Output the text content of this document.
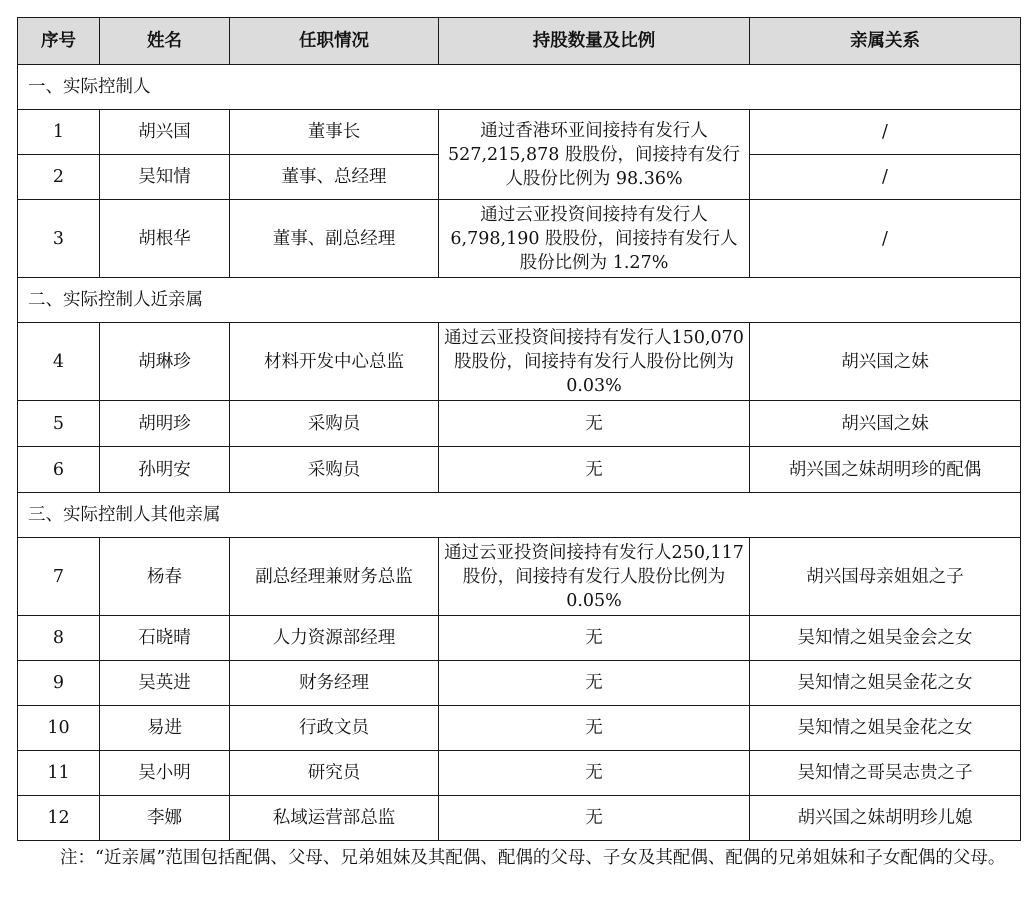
序号	姓名	任职情况	持股数量及比例	亲属关系
一、实际控制人				
1	胡兴国	董事长	通过香港环亚间接持有发行人527,215,878 股股份，间接持有发行人股份比例为 98.36%	/
2	吴知情	董事、总经理		/
3	胡根华	董事、副总经理	通过云亚投资间接持有发行人6,798,190 股股份，间接持有发行人股份比例为 1.27%	/
二、实际控制人近亲属				
4	胡琳珍	材料开发中心总监	通过云亚投资间接持有发行人150,070 股股份，间接持有发行人股份比例为 0.03%	胡兴国之妹
5	胡明珍	采购员	无	胡兴国之妹
6	孙明安	采购员	无	胡兴国之妹胡明珍的配偶
三、实际控制人其他亲属				
7	杨春	副总经理兼财务总监	通过云亚投资间接持有发行人250,117 股份，间接持有发行人股份比例为 0.05%	胡兴国母亲姐姐之子
8	石晓晴	人力资源部经理	无	吴知情之姐吴金会之女
9	吴英进	财务经理	无	吴知情之姐吴金花之女
10	易进	行政文员	无	吴知情之姐吴金花之女
11	吴小明	研究员	无	吴知情之哥吴志贵之子
12	李娜	私域运营部总监	无	胡兴国之妹胡明珍儿媳
注：“近亲属”范围包括配偶、父母、兄弟姐妹及其配偶、配偶的父母、子女及其配偶、配偶的兄弟姐妹和子女配偶的父母。
